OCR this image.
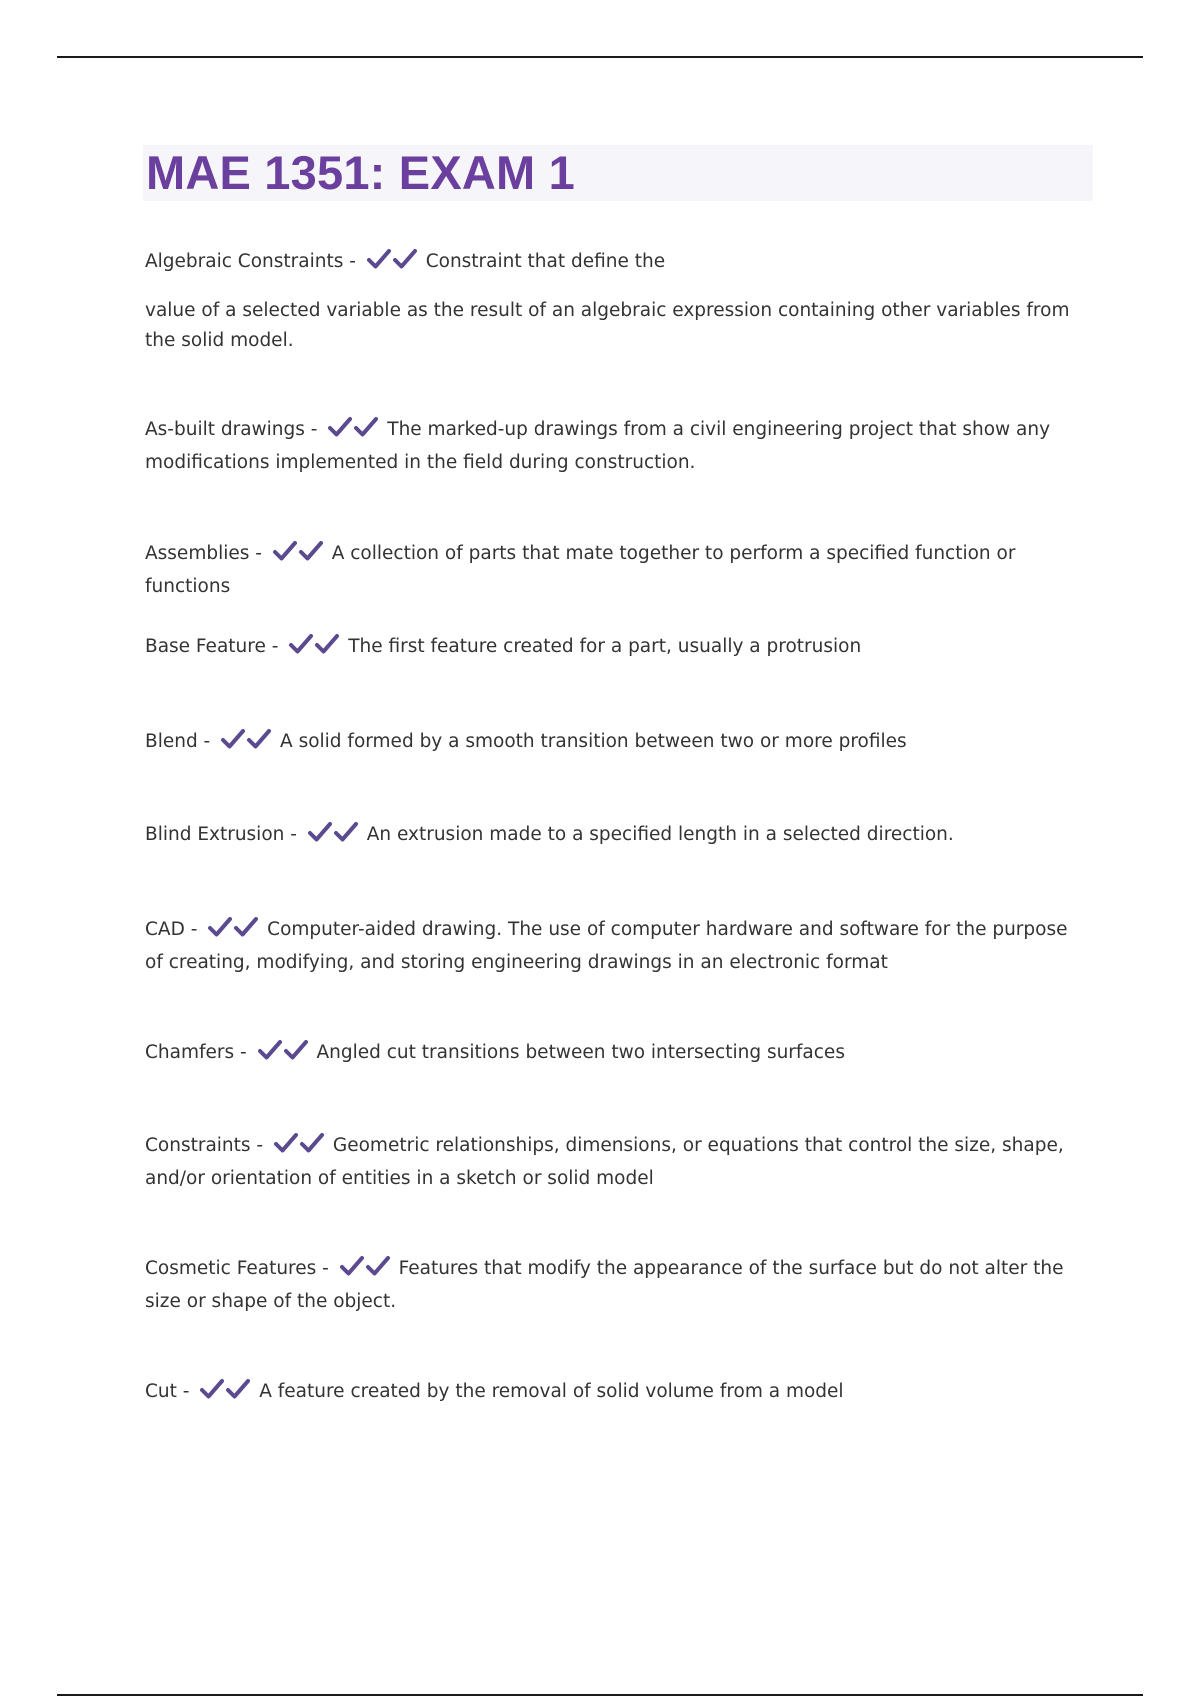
MAE 1351: EXAM 1
Algebraic Constraints -	Constraint that define the

value of a selected variable as the result of an algebraic expression containing other variables from the solid model.

As-built drawings -	The marked-up drawings from a civil engineering project that show any modifications implemented in the field during construction.
Assemblies -	A collection of parts that mate together to perform a specified function or functions
Base Feature -	The first feature created for a part, usually a protrusion
Blend -	A solid formed by a smooth transition between two or more profiles
Blind Extrusion -	An extrusion made to a specified length in a selected direction.
CAD -	Computer-aided drawing. The use of computer hardware and software for the purpose of creating, modifying, and storing engineering drawings in an electronic format
Chamfers -	Angled cut transitions between two intersecting surfaces
Constraints -	Geometric relationships, dimensions, or equations that control the size, shape, and/or orientation of entities in a sketch or solid model
Cosmetic Features -	Features that modify the appearance of the surface but do not alter the size or shape of the object.
Cut -	A feature created by the removal of solid volume from a model
